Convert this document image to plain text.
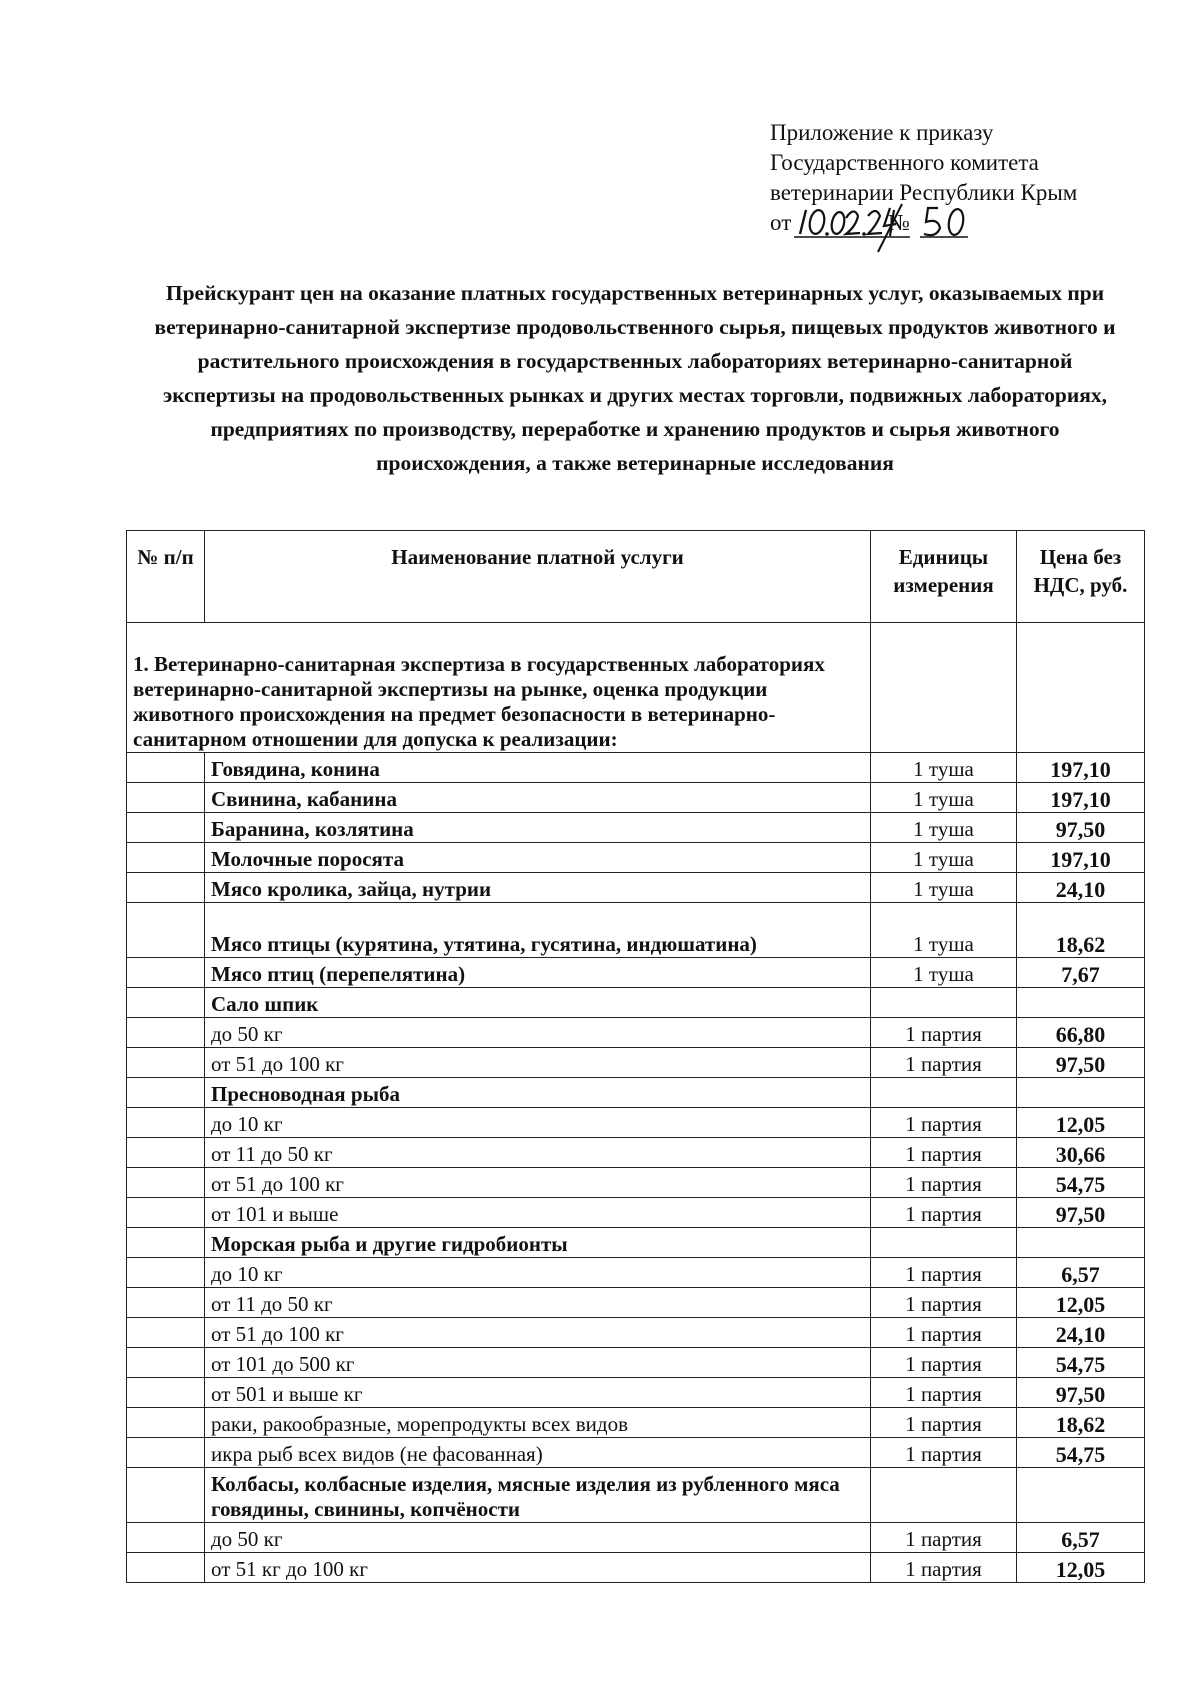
Приложение к приказу
Государственного комитета
ветеринарии Республики Крым
от	№
Прейскурант цен на оказание платных государственных ветеринарных услуг, оказываемых при ветеринарно-санитарной экспертизе продовольственного сырья, пищевых продуктов животного и растительного происхождения в государственных лабораториях ветеринарно-санитарной экспертизы на продовольственных рынках и других местах торговли, подвижных лабораториях, предприятиях по производству, переработке и хранению продуктов и сырья животного происхождения, а также ветеринарные исследования
№ п/п	Наименование платной услуги	Единицы измерения	Цена без НДС, руб.
1. Ветеринарно-санитарная экспертиза в государственных лабораториях ветеринарно-санитарной экспертизы на рынке, оценка продукции животного происхождения на предмет безопасности в ветеринарно-санитарном отношении для допуска к реализации:			
	Говядина, конина	1 туша	197,10
	Свинина, кабанина	1 туша	197,10
	Баранина, козлятина	1 туша	97,50
	Молочные поросята	1 туша	197,10
	Мясо кролика, зайца, нутрии	1 туша	24,10
	Мясо птицы (курятина, утятина, гусятина, индюшатина)	1 туша	18,62
	Мясо птиц (перепелятина)	1 туша	7,67
	Сало шпик		
	до 50 кг	1 партия	66,80
	от 51 до 100 кг	1 партия	97,50
	Пресноводная рыба		
	до 10 кг	1 партия	12,05
	от 11 до 50 кг	1 партия	30,66
	от 51 до 100 кг	1 партия	54,75
	от 101 и выше	1 партия	97,50
	Морская рыба и другие гидробионты		
	до 10 кг	1 партия	6,57
	от 11 до 50 кг	1 партия	12,05
	от 51 до 100 кг	1 партия	24,10
	от 101 до 500 кг	1 партия	54,75
	от 501 и выше кг	1 партия	97,50
	раки, ракообразные, морепродукты всех видов	1 партия	18,62
	икра рыб всех видов (не фасованная)	1 партия	54,75
	Колбасы, колбасные изделия, мясные изделия из рубленного мяса говядины, свинины, копчёности		
	до 50 кг	1 партия	6,57
	от 51 кг до 100 кг	1 партия	12,05
